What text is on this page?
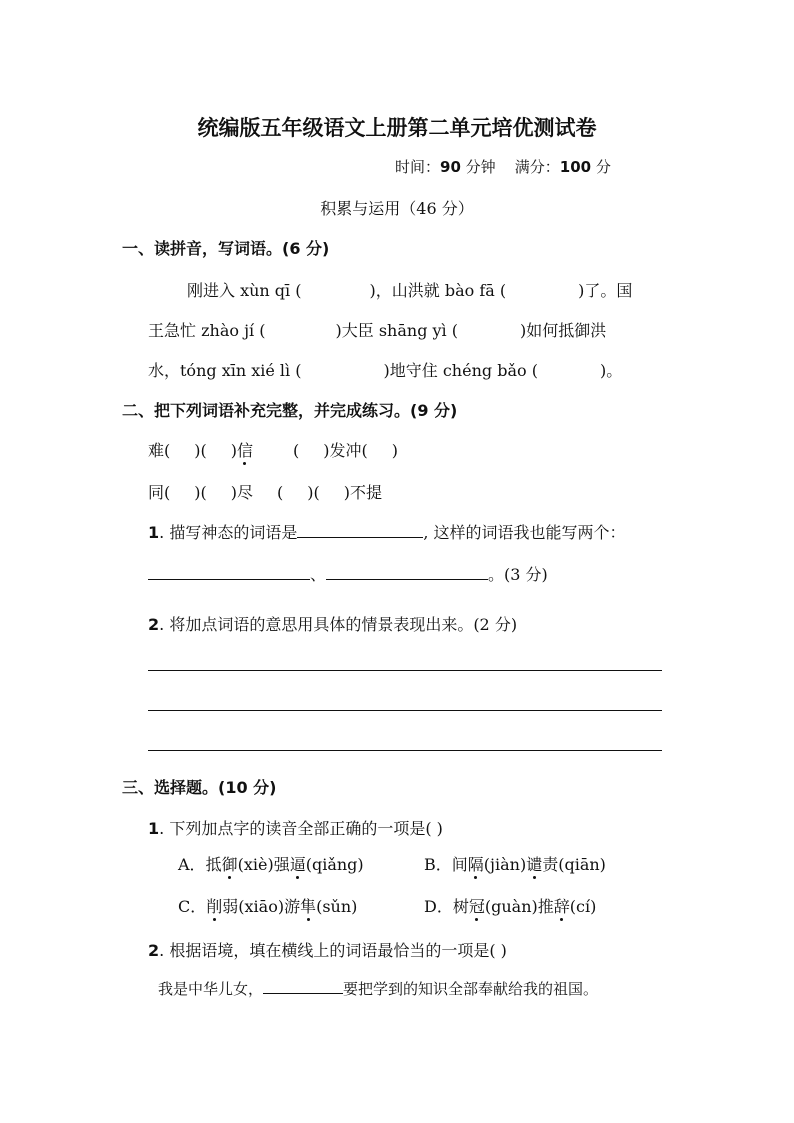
统编版五年级语文上册第二单元培优测试卷
时间：90 分钟 满分：100 分
积累与运用（46 分）
一、读拼音，写词语。(6 分)
刚进入 xùn qī (	)，山洪就 bào fā (	)了。国
王急忙 zhào jí (	)大臣 shāng yì (	)如何抵御洪
水，tóng xīn xié lì (	)地守住 chéng bǎo (	)。
二、把下列词语补充完整，并完成练习。(9 分)
难( )( )信	( )发冲( )
同( )( )尽 ( )( )不提
1. 描写神态的词语是	, 这样的词语我也能写两个：
、	。(3 分)
2. 将加点词语的意思用具体的情景表现出来。(2 分)
三、选择题。(10 分)
1. 下列加点字的读音全部正确的一项是( )
A．抵御(xiè)强逼(qiǎng)	B．间隔(jiàn)谴责(qiān)
C．削弱(xiāo)游隼(sǔn)	D．树冠(guàn)推辞(cí)
2. 根据语境，填在横线上的词语最恰当的一项是( )
我是中华儿女，	要把学到的知识全部奉献给我的祖国。
